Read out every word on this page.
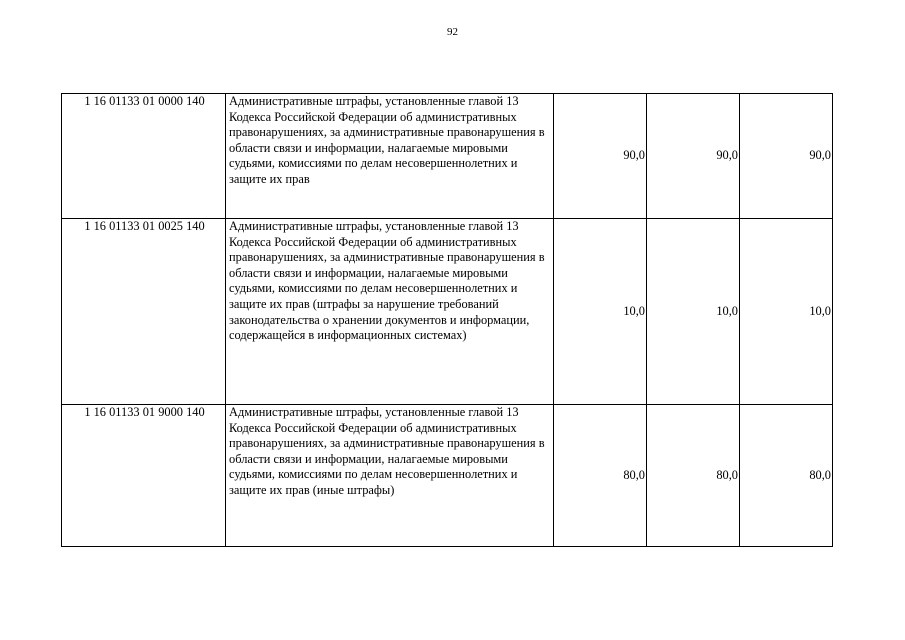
92
1 16 01133 01 0000 140	Административные штрафы, установленные главой 13 Кодекса Российской Федерации об административных правонарушениях, за административные правонарушения в области связи и информации, налагаемые мировыми судьями, комиссиями по делам несовершеннолетних и защите их прав	90,0	90,0	90,0
1 16 01133 01 0025 140	Административные штрафы, установленные главой 13 Кодекса Российской Федерации об административных правонарушениях, за административные правонарушения в области связи и информации, налагаемые мировыми судьями, комиссиями по делам несовершеннолетних и защите их прав (штрафы за нарушение требований законодательства о хранении документов и информации, содержащейся в информационных системах)	10,0	10,0	10,0
1 16 01133 01 9000 140	Административные штрафы, установленные главой 13 Кодекса Российской Федерации об административных правонарушениях, за административные правонарушения в области связи и информации, налагаемые мировыми судьями, комиссиями по делам несовершеннолетних и защите их прав (иные штрафы)	80,0	80,0	80,0
